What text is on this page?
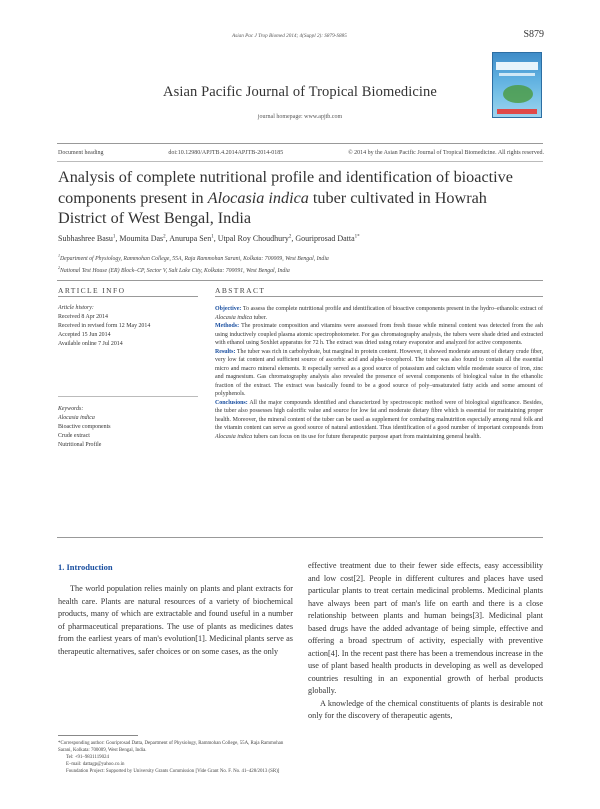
Asian Pac J Trop Biomed 2014; 4(Suppl 2): S879-S885	S879
Asian Pacific Journal of Tropical Biomedicine
journal homepage: www.apjtb.com
Document heading	doi:10.12980/APJTB.4.2014APJTB-2014-0185	© 2014 by the Asian Pacific Journal of Tropical Biomedicine. All rights reserved.
Analysis of complete nutritional profile and identification of bioactive
components present in Alocasia indica tuber cultivated in Howrah
District of West Bengal, India
Subhashree Basu$^1$, Moumita Das$^2$, Anurupa Sen$^1$, Utpal Roy Choudhury$^2$, Gouriprosad Datta$^{1*}$
$^1$Department of Physiology, Rammohan College, 55A, Raja Rammohan Sarani, Kolkata: 700009, West Bengal, India
$^2$National Test House (ER) Block–CP, Sector V, Salt Lake City, Kolkata: 700091, West Bengal, India
ARTICLE INFO	ABSTRACT
Article history:
Received 8 Apr 2014
Received in revised form 12 May 2014
Accepted 15 Jun 2014
Available online 7 Jul 2014
Keywords:
Alocasia indica
Bioactive components
Crude extract
Nutritional Profile

Objective: To assess the complete nutritional profile and identification of bioactive components present in the hydro–ethanolic extract of Alocasia indica tuber.

Methods: The proximate composition and vitamins were assessed from fresh tissue while mineral content was detected from the ash using inductively coupled plasma atomic spectrophotometer. For gas chromatography analysis, the tubers were shade dried and extracted with ethanol using Soxhlet apparatus for 72 h. The extract was dried using rotary evaporator and analyzed for active components.

Results: The tuber was rich in carbohydrate, but marginal in protein content. However, it showed moderate amount of dietary crude fiber, very low fat content and sufficient source of ascorbic acid and alpha–tocopherol. The tuber was also found to contain all the essential micro and macro mineral elements. It especially served as a good source of potassium and calcium while moderate source of iron, zinc and magnesium. Gas chromatography analysis also revealed the presence of several components of biological value in the ethanolic fraction of the extract. The extract was basically found to be a good source of poly–unsaturated fatty acids and some amount of polyphenols.

Conclusions: All the major compounds identified and characterized by spectroscopic method were of biological significance. Besides, the tuber also possesses high calorific value and source for low fat and moderate dietary fibre which is essential for maintaining proper health. Moreover, the mineral content of the tuber can be used as supplement for combating malnutrition especially among rural folk and the vitamin content can serve as good source of natural antioxidant. Thus identification of a good number of important compounds from Alocasia indica tubers can focus on its use for future therapeutic purpose apart from maintaining general health.

1. Introduction

The world population relies mainly on plants and plant extracts for health care. Plants are natural resources of a variety of biochemical products, many of which are extractable and found useful in a number of pharmaceutical preparations. The use of plants as medicines dates from the earliest years of man's evolution[1]. Medicinal plants serve as therapeutic alternatives, safer choices or on some cases, as the only

effective treatment due to their fewer side effects, easy accessibility and low cost[2]. People in different cultures and places have used particular plants to treat certain medicinal problems. Medicinal plants have always been part of man's life on earth and there is a close relationship between plants and human beings[3]. Medicinal plant based drugs have the added advantage of being simple, effective and offering a broad spectrum of activity, especially with preventive action[4]. In the recent past there has been a tremendous increase in the use of plant based health products in developing as well as developed countries resulting in an exponential growth of herbal products globally.

A knowledge of the chemical constituents of plants is desirable not only for the discovery of therapeutic agents,

*Corresponding author: Gouriprosad Datta, Department of Physiology, Rammohan College, 55A, Raja Rammohan Sarani, Kolkata: 700009, West Bengal, India.
Tel: +91–9831119024
E–mail: dattagp@yahoo.co.in
Foundation Project: Supported by University Grants Commission [Vide Grant No. F. No. 41–428/2013 (SR)]
